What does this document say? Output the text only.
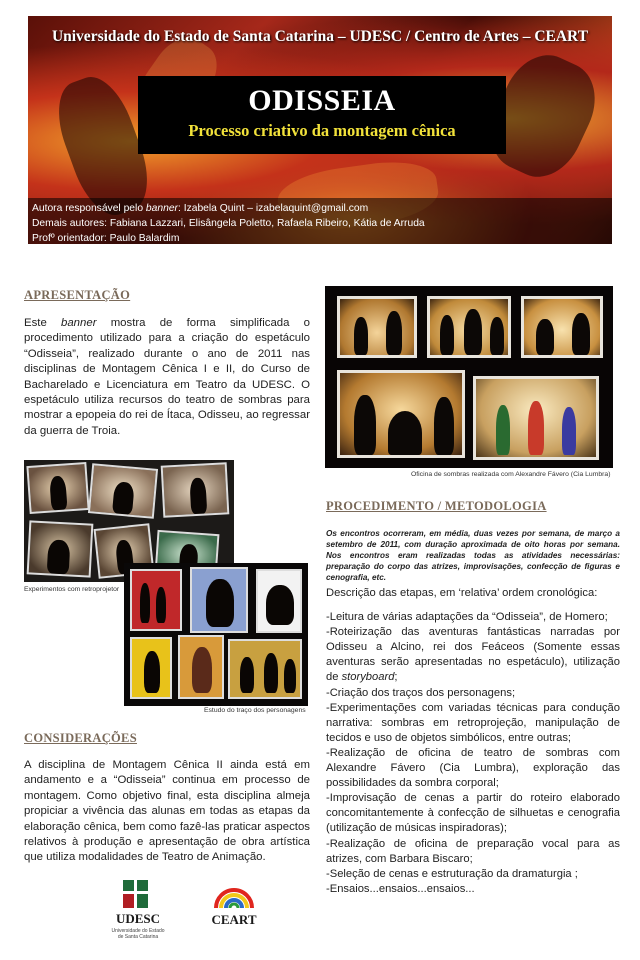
Universidade do Estado de Santa Catarina – UDESC / Centro de Artes – CEART
ODISSEIA
Processo criativo da montagem cênica
Autora responsável pelo banner: Izabela Quint – izabelaquint@gmail.com
Demais autores: Fabiana Lazzari, Elisângela Poletto, Rafaela Ribeiro, Kátia de Arruda
Profº orientador: Paulo Balardim
APRESENTAÇÃO
Este banner mostra de forma simplificada o procedimento utilizado para a criação do espetáculo “Odisseia”, realizado durante o ano de 2011 nas disciplinas de Montagem Cênica I e II, do Curso de Bacharelado e Licenciatura em Teatro da UDESC. O espetáculo utiliza recursos do teatro de sombras para mostrar a epopeia do rei de Ítaca, Odisseu, ao regressar da guerra de Troia.
Oficina de sombras realizada com Alexandre Fávero (Cia Lumbra)
Experimentos com retroprojetor
Estudo do traço dos personagens
CONSIDERAÇÕES
A disciplina de Montagem Cênica II ainda está em andamento e a “Odisseia” continua em processo de montagem. Como objetivo final, esta disciplina almeja propiciar a vivência das alunas em todas as etapas da elaboração cênica, bem como fazê-las praticar aspectos relativos à produção e apresentação de obra artística que utiliza modalidades de Teatro de Animação.
PROCEDIMENTO / METODOLOGIA
Os encontros ocorreram, em média, duas vezes por semana, de março a setembro de 2011, com duração aproximada de oito horas por semana. Nos encontros eram realizadas todas as atividades necessárias: preparação do corpo das atrizes, improvisações, confecção de figuras e cenografia, etc.

Descrição das etapas, em ‘relativa’ ordem cronológica:

-Leitura de várias adaptações da “Odisseia”, de Homero;

-Roteirização das aventuras fantásticas narradas por Odisseu a Alcino, rei dos Feáceos (Somente essas aventuras serão apresentadas no espetáculo), utilização de storyboard;

-Criação dos traços dos personagens;

-Experimentações com variadas técnicas para condução narrativa: sombras em retroprojeção, manipulação de tecidos e uso de objetos simbólicos, entre outras;

-Realização de oficina de teatro de sombras com Alexandre Fávero (Cia Lumbra), exploração das possibilidades da sombra corporal;

-Improvisação de cenas a partir do roteiro elaborado concomitantemente à confecção de silhuetas e cenografia (utilização de músicas inspiradoras);

-Realização de oficina de preparação vocal para as atrizes, com Barbara Biscaro;

-Seleção de cenas e estruturação da dramaturgia ;

-Ensaios...ensaios...ensaios...

UDESC
Universidade do Estado de Santa Catarina
CEART
